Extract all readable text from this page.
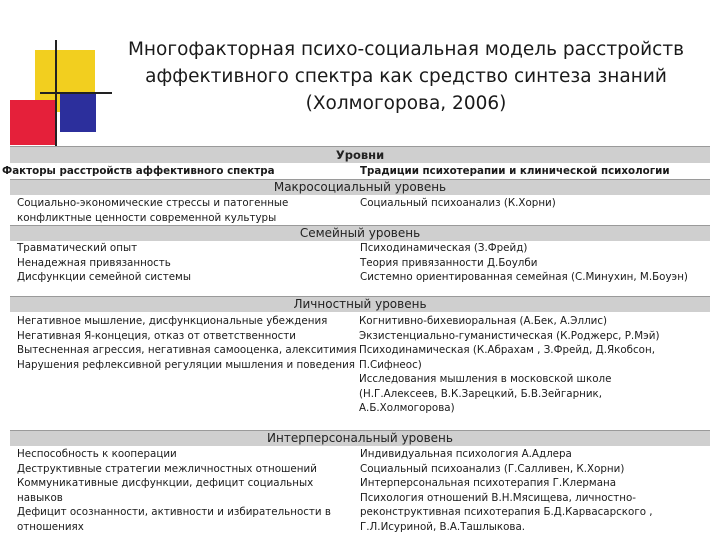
Многофакторная психо-социальная модель расстройств
аффективного спектра как средство синтеза знаний
(Холмогорова, 2006)
Уровни
Факторы расстройств аффективного спектра	Традиции психотерапии и клинической психологии
Макросоциальный уровень
Социально-экономические стрессы и патогенные
конфликтные ценности современной культуры
Социальный психоанализ (К.Хорни)
Семейный уровень
Травматический опыт
Ненадежная привязанность
Дисфункции семейной системы
Психодинамическая (З.Фрейд)
Теория привязанности Д.Боулби
Системно ориентированная семейная (С.Минухин, М.Боуэн)
Личностный уровень
Негативное мышление, дисфункциональные убеждения
Негативная Я-концеция, отказ от ответственности
Вытесненная агрессия, негативная самооценка, алекситимия
Нарушения рефлексивной регуляции мышления и поведения
Когнитивно-бихевиоральная (А.Бек, А.Эллис)
Экзистенциально-гуманистическая (К.Роджерс, Р.Мэй)
Психодинамическая (К.Абрахам , З.Фрейд, Д.Якобсон,
П.Сифнеос)
Исследования мышления в московской школе
(Н.Г.Алексеев, В.К.Зарецкий, Б.В.Зейгарник,
А.Б.Холмогорова)
Интерперсональный уровень
Неспособность к кооперации
Деструктивные стратегии межличностных отношений
Коммуникативные дисфункции, дефицит социальных
навыков
Дефицит осознанности, активности и избирательности в
отношениях
Индивидуальная психология А.Адлера
Социальный психоанализ (Г.Салливен, К.Хорни)
Интерперсональная психотерапия Г.Клермана
Психология отношений В.Н.Мясищева, личностно-
реконструктивная психотерапия Б.Д.Карвасарского ,
Г.Л.Исуриной, В.А.Ташлыкова.
